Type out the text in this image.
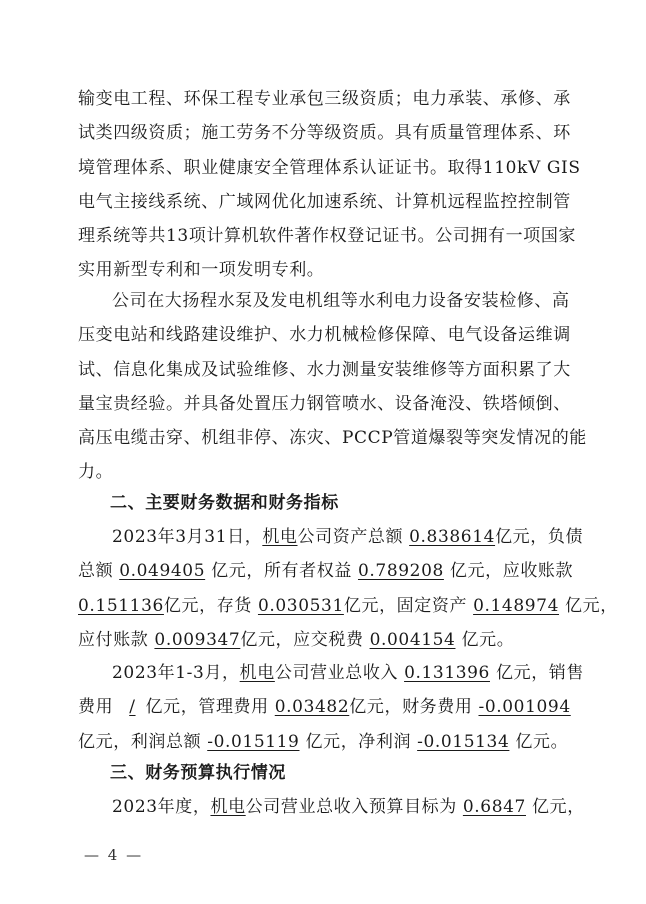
输变电工程、环保工程专业承包三级资质；电力承装、承修、承
试类四级资质；施工劳务不分等级资质。具有质量管理体系、环
境管理体系、职业健康安全管理体系认证证书。取得110kV GIS
电气主接线系统、广域网优化加速系统、计算机远程监控控制管
理系统等共13项计算机软件著作权登记证书。公司拥有一项国家
实用新型专利和一项发明专利。
公司在大扬程水泵及发电机组等水利电力设备安装检修、高
压变电站和线路建设维护、水力机械检修保障、电气设备运维调
试、信息化集成及试验维修、水力测量安装维修等方面积累了大
量宝贵经验。并具备处置压力钢管喷水、设备淹没、铁塔倾倒、
高压电缆击穿、机组非停、冻灾、PCCP管道爆裂等突发情况的能
力。
二、主要财务数据和财务指标
2023年3月31日，机电公司资产总额 0.838614亿元，负债
总额 0.049405 亿元，所有者权益 0.789208 亿元，应收账款
0.151136亿元，存货 0.030531亿元，固定资产 0.148974 亿元，
应付账款 0.009347亿元，应交税费 0.004154 亿元。
2023年1-3月，机电公司营业总收入 0.131396 亿元，销售
费用 / 亿元，管理费用 0.03482亿元，财务费用 -0.001094
亿元，利润总额 -0.015119 亿元，净利润 -0.015134 亿元。
三、财务预算执行情况
2023年度，机电公司营业总收入预算目标为 0.6847 亿元，
— 4 —
